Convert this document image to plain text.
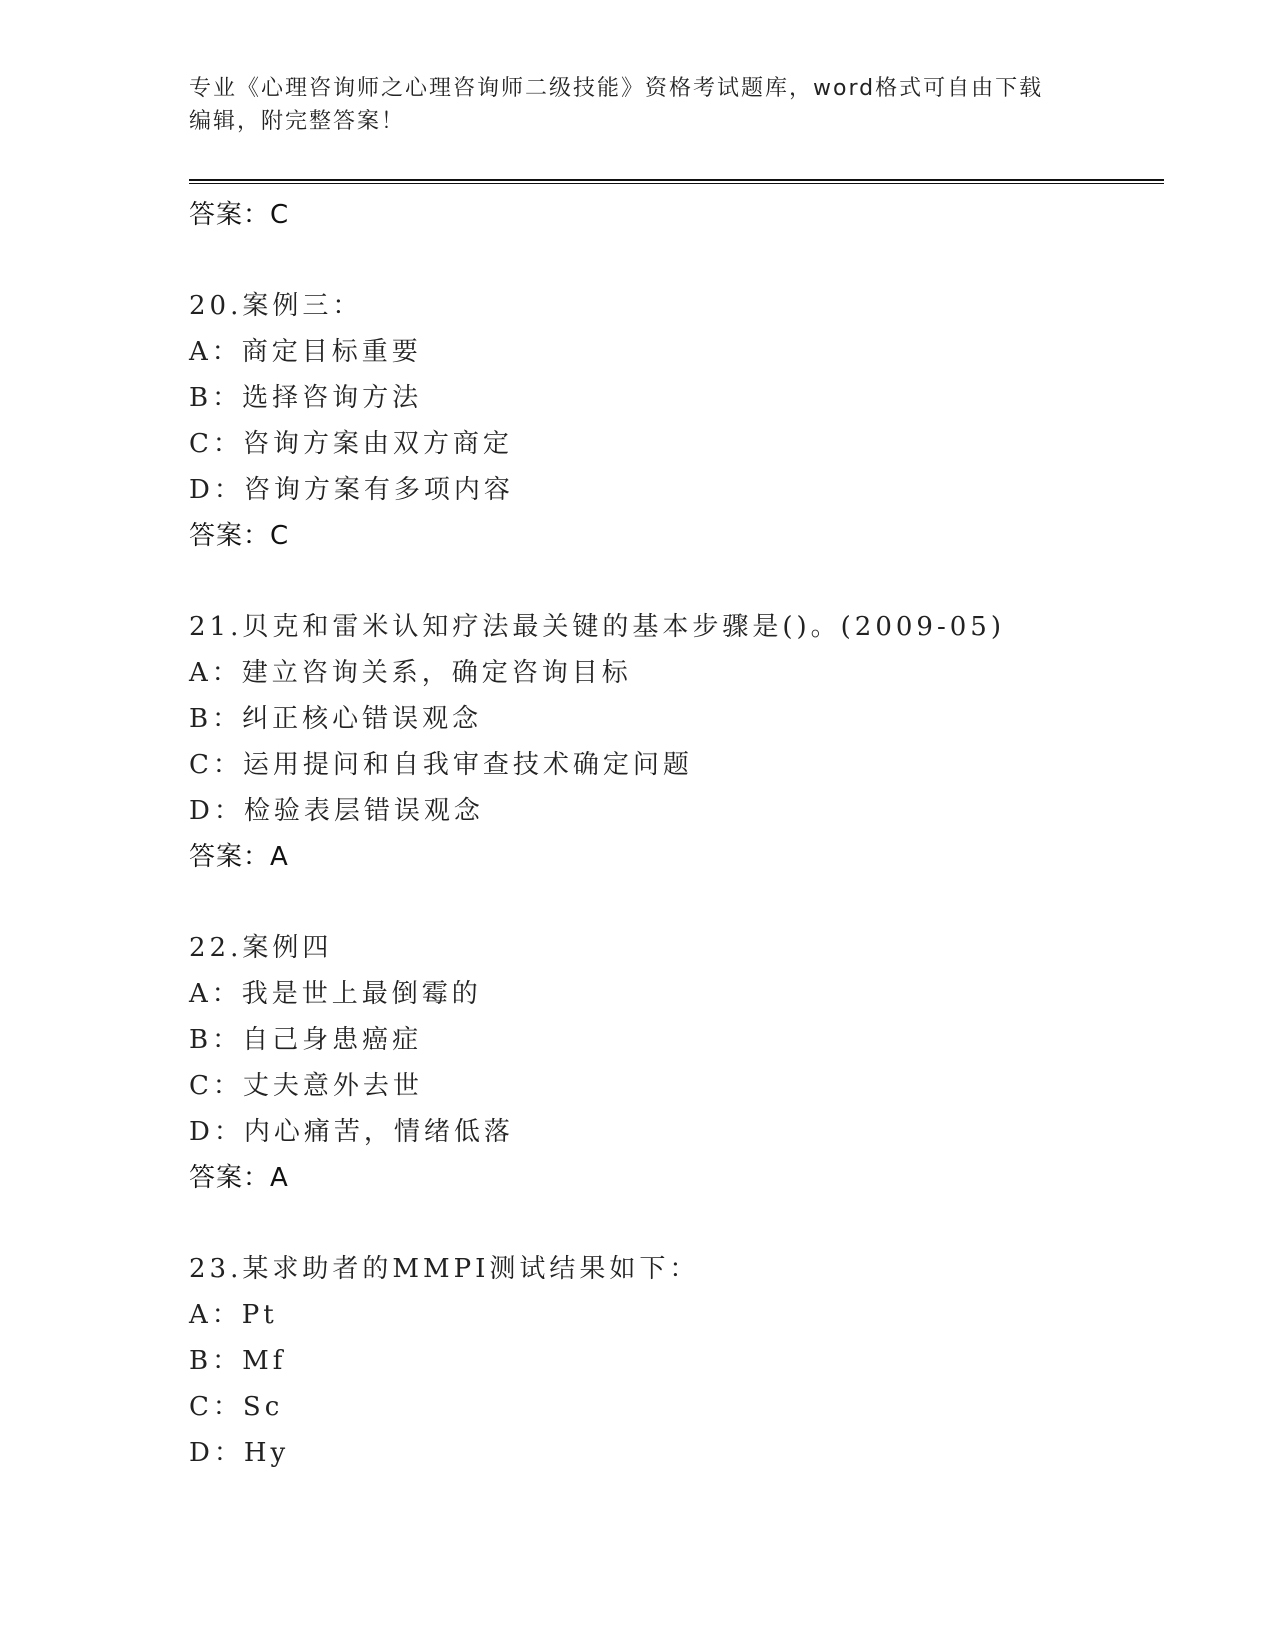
专业《心理咨询师之心理咨询师二级技能》资格考试题库，word格式可自由下载
编辑，附完整答案！
答案：C
20.案例三：
A：商定目标重要
B：选择咨询方法
C：咨询方案由双方商定
D：咨询方案有多项内容
答案：C
21.贝克和雷米认知疗法最关键的基本步骤是()。(2009-05)
A：建立咨询关系，确定咨询目标
B：纠正核心错误观念
C：运用提问和自我审查技术确定问题
D：检验表层错误观念
答案：A
22.案例四
A：我是世上最倒霉的
B：自己身患癌症
C：丈夫意外去世
D：内心痛苦，情绪低落
答案：A
23.某求助者的MMPI测试结果如下：
A：Pt
B：Mf
C：Sc
D：Hy
